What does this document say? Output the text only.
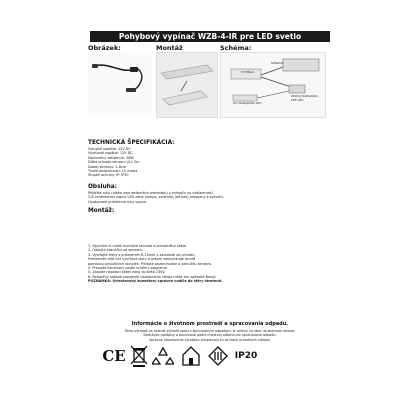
Pohybový vypínač WZB-4-IR pre LED svetlo
Obrázek:	Montáž	Schéma:
VYPÍNAČ
SENZOR
DO NAPÁJANIA LED
ZDROJ NAPÁJANIA PRE LED
TECHNICKÁ ŠPECIFIKÁCIA:
Vstupné napätie: 12V DC
Výstupné napätie: 12V DC
Maximálny zaťaženie: 36W
Dĺžka prívodu senzoru (A): 2m
Dosah senzoru: 2-8cm
Trvalé bezpečnosti: 10 mesia
Stupeň ochrany IP: IP20
Obsluha:
Priblížte ruku (alebo nepriestorného predmetu) k snímaču vo vzdialenosti
2-8 centimetrov zapne LED zdroj (lampa, svietidlo, led pás) pripojený k spínaču.
Opakované priblíženie ruky vypne.
Montáž:
1. Vypnutie el mostí montáže senzora a prívodného kábla.
2. Odpojte zakrúčku od senzora.
3. Vyvŕtajte diery s priemerom 8-10mm v závislosti od prívodu.
Pretiahnite drôt cez vyvŕtané diery a potom zaskrutkujte armáť
pomocou príslušných skrutiek. Prilepte pozoruhodne a zakrúčku senzora.
4. Prepojte konektory podľa schémy zapojenia.
5. Zapojte napájací kábel zdroj do siete 230V.
6. Bezpečný spôsob zapojenie napájacieho zdroja môže ten spôsobiť škody.
POZNÁMKA: Orientovaný konektory správne vodiče do sféry stretnutí.
Informácie o životnom prostredí a spracovania odpadu.
Tento výrobok sa nesmie vyhodiť spolu s komunálnym odpadom. Je určený na zber na zbernom mieste.
Dodržujte predpisy a povinnosti podľa miestnej zákona pre spracovanie odpadu.
Správne skladovanie výrobkov prispievajú ku ochrane prírodných zdrojov.
CE	IP20
